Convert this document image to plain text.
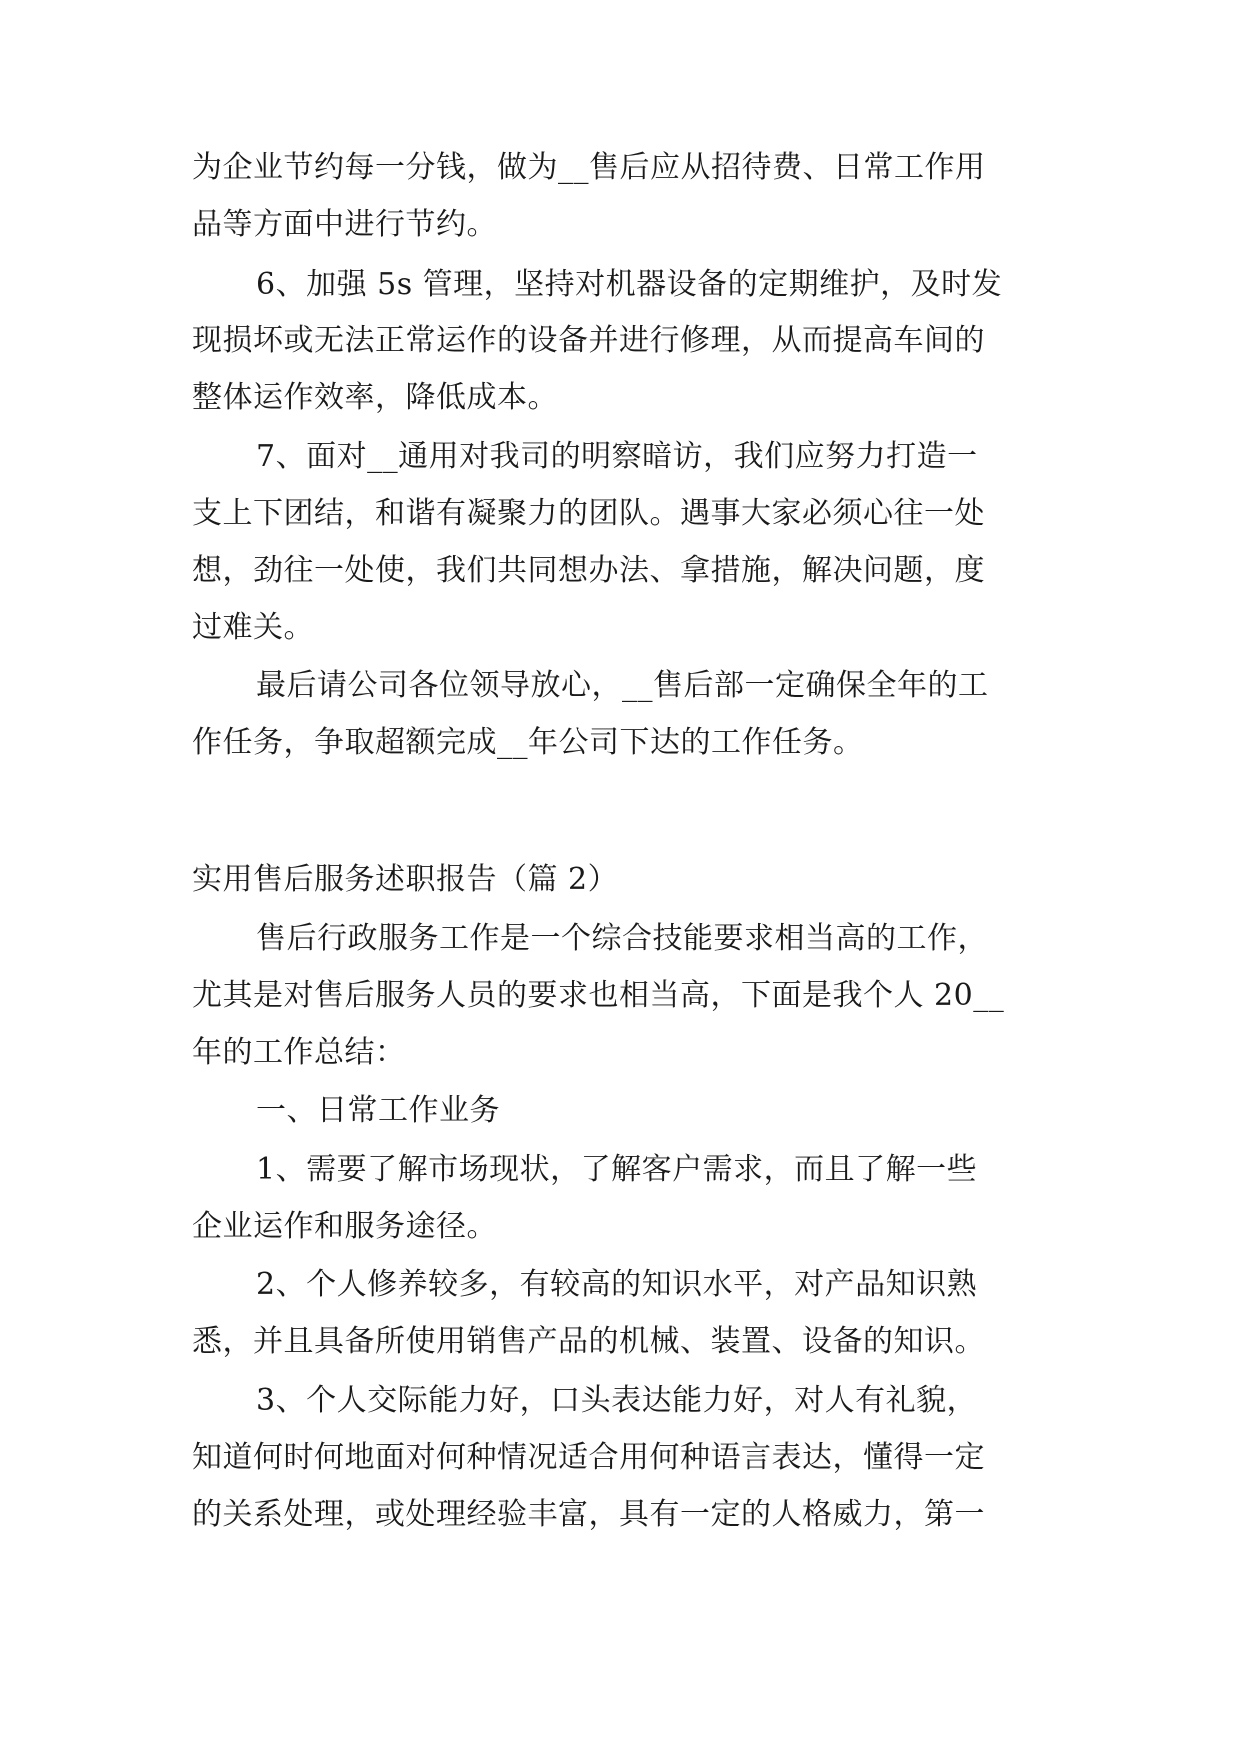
为企业节约每一分钱，做为__售后应从招待费、日常工作用
品等方面中进行节约。
6、加强 5s 管理，坚持对机器设备的定期维护，及时发
现损坏或无法正常运作的设备并进行修理，从而提高车间的
整体运作效率，降低成本。
7、面对__通用对我司的明察暗访，我们应努力打造一
支上下团结，和谐有凝聚力的团队。遇事大家必须心往一处
想，劲往一处使，我们共同想办法、拿措施，解决问题，度
过难关。
最后请公司各位领导放心，__售后部一定确保全年的工
作任务，争取超额完成__年公司下达的工作任务。
实用售后服务述职报告（篇 2）
售后行政服务工作是一个综合技能要求相当高的工作，
尤其是对售后服务人员的要求也相当高，下面是我个人 20__
年的工作总结：
一、日常工作业务
1、需要了解市场现状，了解客户需求，而且了解一些
企业运作和服务途径。
2、个人修养较多，有较高的知识水平，对产品知识熟
悉，并且具备所使用销售产品的机械、装置、设备的知识。
3、个人交际能力好，口头表达能力好，对人有礼貌，
知道何时何地面对何种情况适合用何种语言表达，懂得一定
的关系处理，或处理经验丰富，具有一定的人格威力，第一
